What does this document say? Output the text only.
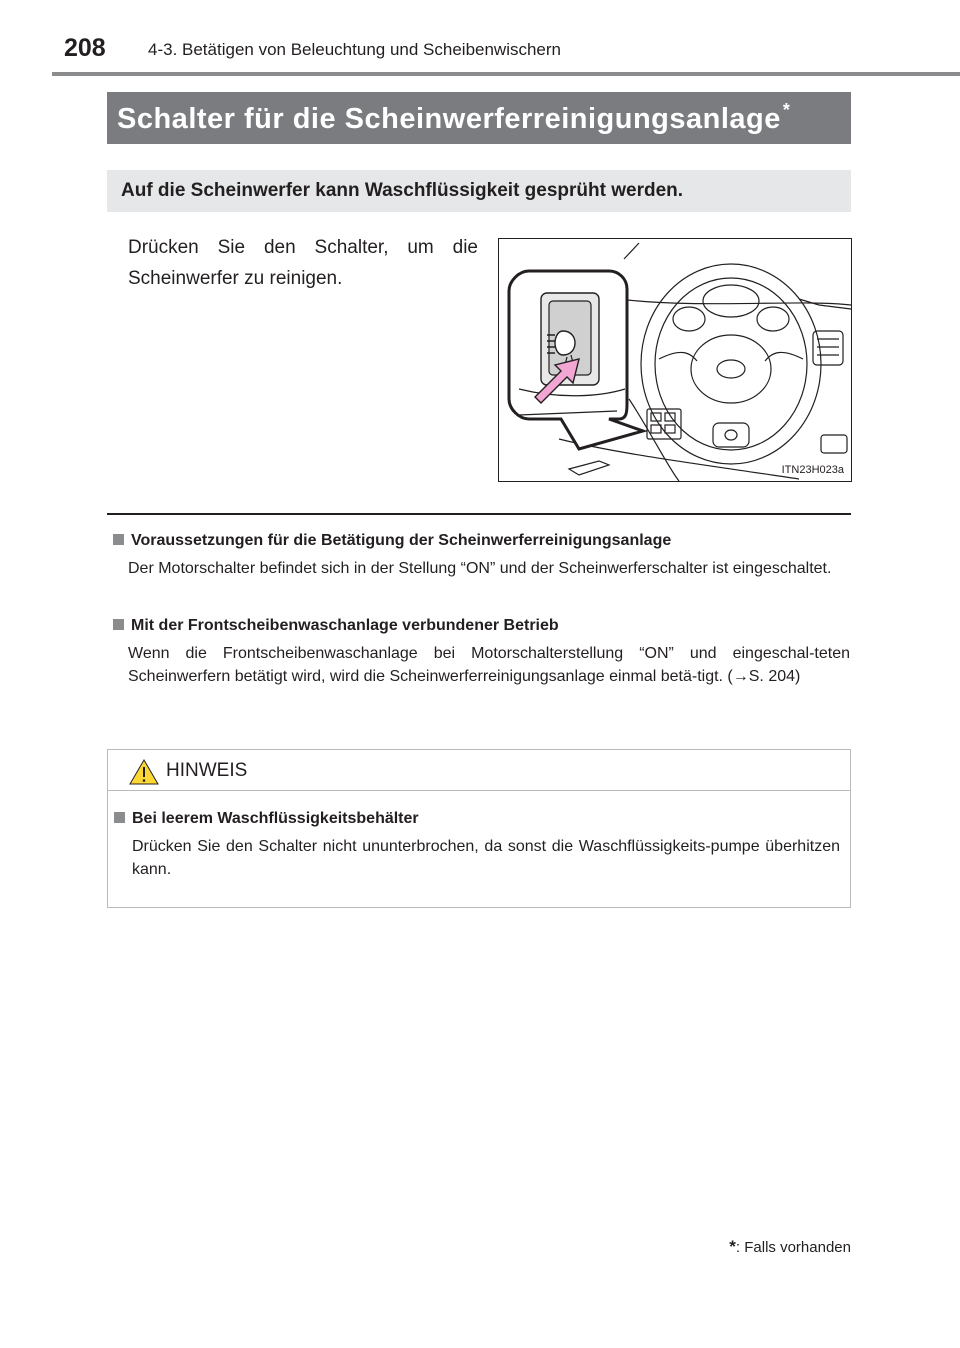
208 4-3. Betätigen von Beleuchtung und Scheibenwischern
Schalter für die Scheinwerferreinigungsanlage *
Auf die Scheinwerfer kann Waschflüssigkeit gesprüht werden.
Drücken Sie den Schalter, um die Scheinwerfer zu reinigen.
ITN23H023a
Voraussetzungen für die Betätigung der Scheinwerferreinigungsanlage
Der Motorschalter befindet sich in der Stellung “ON” und der Scheinwerferschalter ist eingeschaltet.
Mit der Frontscheibenwaschanlage verbundener Betrieb
Wenn die Frontscheibenwaschanlage bei Motorschalterstellung “ON” und eingeschal-teten Scheinwerfern betätigt wird, wird die Scheinwerferreinigungsanlage einmal betä-tigt. (→S. 204)
HINWEIS
Bei leerem Waschflüssigkeitsbehälter
Drücken Sie den Schalter nicht ununterbrochen, da sonst die Waschflüssigkeits-pumpe überhitzen kann.
*: Falls vorhanden
